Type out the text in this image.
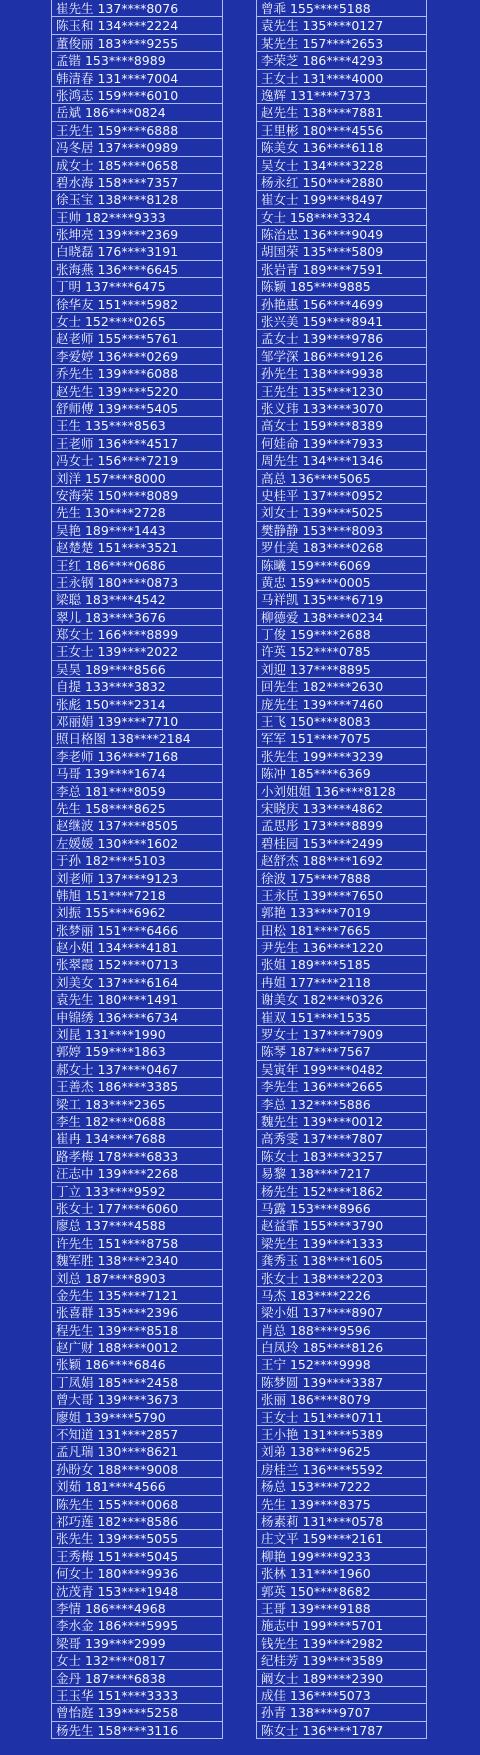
崔先生 137****8076
陈玉和 134****2224
董俊丽 183****9255
孟锴 153****8989
韩清春 131****7004
张鸿志 159****6010
岳斌 186****0824
王先生 159****6888
冯冬居 137****0989
成女士 185****0658
碧水海 158****7357
徐玉宝 138****8128
王帅 182****9333
张坤亮 139****2369
白晓磊 176****3191
张海燕 136****6645
丁明 137****6475
徐华友 151****5982
女士 152****0265
赵老师 155****5761
李爱婷 136****0269
乔先生 139****6088
赵先生 139****5220
舒师傅 139****5405
王生 135****8563
王老师 136****4517
冯女士 156****7219
刘洋 157****8000
安海荣 150****8089
先生 130****2728
吴艳 189****1443
赵楚楚 151****3521
王红 186****0686
王永钢 180****0873
梁聪 183****4542
翠儿 183****3676
郑女士 166****8899
王女士 139****2022
吴昊 189****8566
自提 133****3832
张彪 150****2314
邓丽娟 139****7710
照日格图 138****2184
李老师 136****7168
马哥 139****1674
李总 181****8059
先生 158****8625
赵继波 137****8505
左媛媛 130****1602
于孙 182****5103
刘老师 137****9123
韩旭 151****7218
刘振 155****6962
张梦丽 151****6466
赵小姐 134****4181
张翠霞 152****0713
刘美女 137****6164
袁先生 180****1491
申锦绣 136****6734
刘昆 131****1990
郭婷 159****1863
郝女士 137****0467
王善杰 186****3385
梁工 183****2365
李生 182****0688
崔冉 134****7688
路孝梅 178****6833
汪志中 139****2268
丁立 133****9592
张女士 177****6060
廖总 137****4588
许先生 151****8758
魏军胜 138****2340
刘总 187****8903
金先生 135****7121
张喜群 135****2396
程先生 139****8518
赵广财 188****0012
张颖 186****6846
丁凤娟 185****2458
曾大哥 139****3673
廖姐 139****5790
不知道 131****2857
孟凡瑞 130****8621
孙盼女 188****9008
刘茹 181****4566
陈先生 155****0068
祁巧莲 182****8586
张先生 139****5055
王秀梅 151****5045
何女士 180****9936
沈茂青 153****1948
李情 186****4968
李水金 186****5995
梁哥 139****2999
女士 132****0817
金丹 187****6838
王玉华 151****3333
曾怡庭 139****5258
杨先生 158****3116
曾乖 155****5188
袁先生 135****0127
某先生 157****2653
李荣芝 186****4293
王女士 131****4000
逸辉 131****7373
赵先生 138****7881
王里彬 180****4556
陈美女 136****6118
吴女士 134****3228
杨永红 150****2880
崔女士 199****8497
女士 158****3324
陈治忠 136****9049
胡国荣 135****5809
张岩青 189****7591
陈颖 185****9885
孙艳惠 156****4699
张兴美 159****8941
孟女士 139****9786
邹学深 186****9126
孙先生 138****9938
王先生 135****1230
张义玮 133****3070
高女士 159****8389
何娃命 139****7933
周先生 134****1346
高总 136****5065
史桂平 137****0952
刘女士 139****5025
樊静静 153****8093
罗仕美 183****0268
陈曦 159****6069
黄忠 159****0005
马祥凯 135****6719
柳德爱 138****0234
丁俊 159****2688
许英 152****0785
刘迎 137****8895
回先生 182****2630
庞先生 139****7460
王飞 150****8083
军军 151****7075
张先生 199****3239
陈冲 185****6369
小刘姐姐 136****8128
宋晓庆 133****4862
孟思彤 173****8899
碧桂园 153****2499
赵舒杰 188****1692
徐波 175****7888
王永臣 139****7650
郭艳 133****7019
田松 181****7665
尹先生 136****1220
张姐 189****5185
冉姐 177****2118
谢美女 182****0326
崔双 151****1535
罗女士 137****7909
陈琴 187****7567
吴寅年 199****0482
李先生 136****2665
李总 132****5886
魏先生 139****0012
高秀雯 137****7807
陈女士 183****3257
易黎 138****7217
杨先生 152****1862
马露 153****8966
赵益霏 155****3790
梁先生 139****1333
龚秀玉 138****1605
张女士 138****2203
马杰 183****2226
梁小姐 137****8907
肖总 188****9596
白凤玲 185****8126
王宁 152****9998
陈梦圆 139****3387
张丽 186****8079
王女士 151****0711
王小艳 131****5389
刘弟 138****9625
房桂兰 136****5592
杨总 153****7222
先生 139****8375
杨素莉 131****0578
庄文平 159****2161
柳艳 199****9233
张林 131****1960
郭英 150****8682
王哥 139****9188
施志中 199****5701
钱先生 139****2982
纪桂芳 139****3589
阚女士 189****2390
成佳 136****5073
孙青 138****9707
陈女士 136****1787
